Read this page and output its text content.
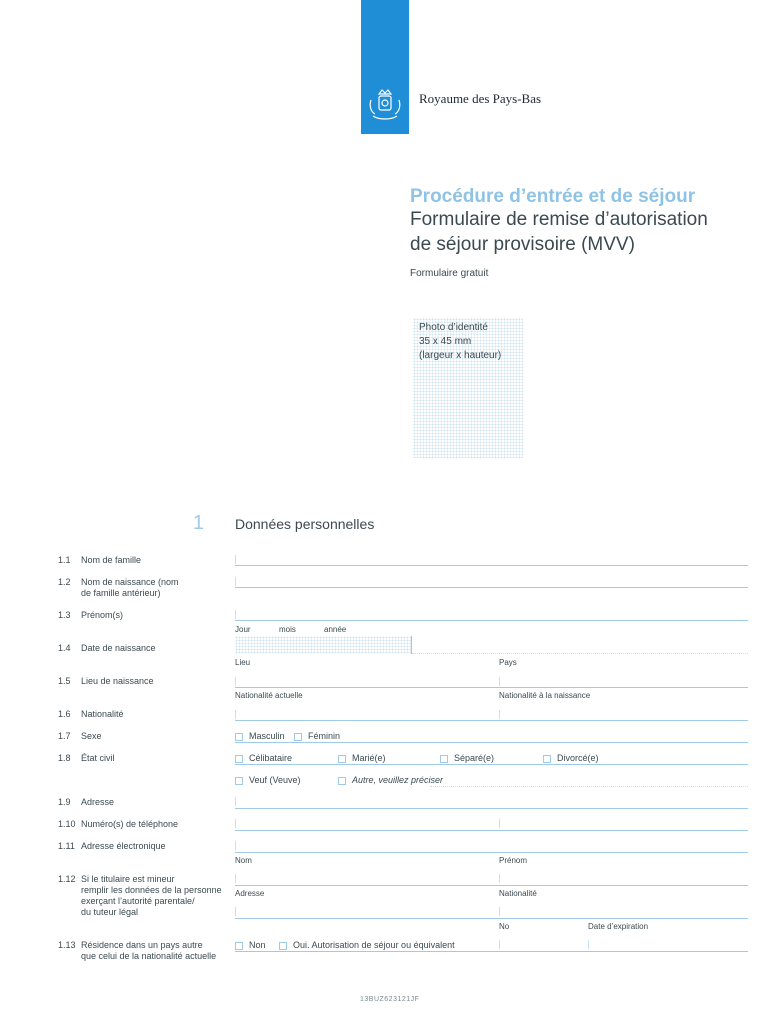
Royaume des Pays-Bas
Procédure d’entrée et de séjour
Formulaire de remise d’autorisation
de séjour provisoire (MVV)
Formulaire gratuit
Photo d’identité
35 x 45 mm
(largeur x hauteur)
1 Données personnelles
1.1 Nom de famille
1.2 Nom de naissance (nom
de famille antérieur)
1.3 Prénom(s)
Jour	mois	année
1.4 Date de naissance
Lieu	Pays
1.5 Lieu de naissance
Nationalité actuelle	Nationalité à la naissance
1.6 Nationalité
1.7 Sexe	Masculin	Féminin
1.8 État civil	Célibataire	Marié(e)	Séparé(e)	Divorcé(e)
Veuf (Veuve)	Autre, veuillez préciser
1.9 Adresse
1.10 Numéro(s) de téléphone
1.11 Adresse électronique
Nom	Prénom
1.12 Si le titulaire est mineur
remplir les données de la personne
exerçant l’autorité parentale/
du tuteur légal
Adresse	Nationalité
No	Date d’expiration
1.13 Résidence dans un pays autre
que celui de la nationalité actuelle
Non	Oui. Autorisation de séjour ou équivalent
13BUZ623121JF
